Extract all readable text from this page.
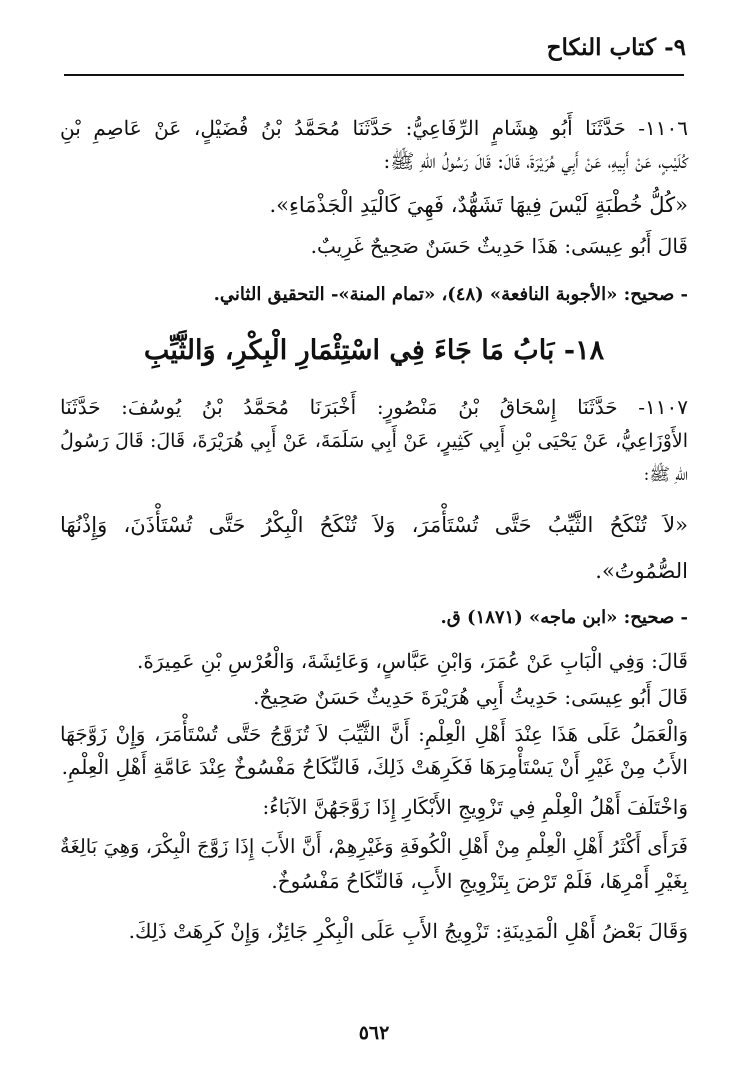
٩- كتاب النكاح
١١٠٦- حَدَّثَنَا أَبُو هِشَامٍ الرِّفَاعِيُّ: حَدَّثَنَا مُحَمَّدُ بْنُ فُضَيْلٍ، عَنْ عَاصِمِ بْنِ
كُلَيْبٍ، عَنْ أَبِيهِ، عَنْ أَبِي هُرَيْرَةَ، قَالَ: قَالَ رَسُولُ اللهِ ﷺ:
«كُلُّ خُطْبَةٍ لَيْسَ فِيهَا تَشَهُّدٌ، فَهِيَ كَالْيَدِ الْجَذْمَاءِ».
قَالَ أَبُو عِيسَى: هَذَا حَدِيثٌ حَسَنٌ صَحِيحٌ غَرِيبٌ.
- صحيح: «الأجوبة النافعة» (٤٨)، «تمام المنة»- التحقيق الثاني.
١٨- بَابُ مَا جَاءَ فِي اسْتِئْمَارِ الْبِكْرِ، وَالثَّيِّبِ
١١٠٧- حَدَّثَنَا إِسْحَاقُ بْنُ مَنْصُورٍ: أَخْبَرَنَا مُحَمَّدُ بْنُ يُوسُفَ: حَدَّثَنَا
الأَوْزَاعِيُّ، عَنْ يَحْيَى بْنِ أَبِي كَثِيرٍ، عَنْ أَبِي سَلَمَةَ، عَنْ أَبِي هُرَيْرَةَ، قَالَ: قَالَ رَسُولُ
اللهِ ﷺ:
«لاَ تُنْكَحُ الثَّيِّبُ حَتَّى تُسْتَأْمَرَ، وَلاَ تُنْكَحُ الْبِكْرُ حَتَّى تُسْتَأْذَنَ، وَإِذْنُهَا
الصُّمُوتُ».
- صحيح: «ابن ماجه» (١٨٧١) ق.
قَالَ: وَفِي الْبَابِ عَنْ عُمَرَ، وَابْنِ عَبَّاسٍ، وَعَائِشَةَ، وَالْعُرْسِ بْنِ عَمِيرَةَ.
قَالَ أَبُو عِيسَى: حَدِيثُ أَبِي هُرَيْرَةَ حَدِيثٌ حَسَنٌ صَحِيحٌ.
وَالْعَمَلُ عَلَى هَذَا عِنْدَ أَهْلِ الْعِلْمِ: أَنَّ الثَّيِّبَ لاَ تُزَوَّجُ حَتَّى تُسْتَأْمَرَ، وَإِنْ زَوَّجَهَا
الأَبُ مِنْ غَيْرِ أَنْ يَسْتَأْمِرَهَا فَكَرِهَتْ ذَلِكَ، فَالنِّكَاحُ مَفْسُوخٌ عِنْدَ عَامَّةِ أَهْلِ الْعِلْمِ.
وَاخْتَلَفَ أَهْلُ الْعِلْمِ فِي تَزْوِيجِ الأَبْكَارِ إِذَا زَوَّجَهُنَّ الآبَاءُ:
فَرَأَى أَكْثَرُ أَهْلِ الْعِلْمِ مِنْ أَهْلِ الْكُوفَةِ وَغَيْرِهِمْ، أَنَّ الأَبَ إِذَا زَوَّجَ الْبِكْرَ، وَهِيَ بَالِغَةٌ
بِغَيْرِ أَمْرِهَا، فَلَمْ تَرْضَ بِتَزْوِيجِ الأَبِ، فَالنِّكَاحُ مَفْسُوخٌ.
وَقَالَ بَعْضُ أَهْلِ الْمَدِينَةِ: تَزْوِيجُ الأَبِ عَلَى الْبِكْرِ جَائِزٌ، وَإِنْ كَرِهَتْ ذَلِكَ.
٥٦٢
